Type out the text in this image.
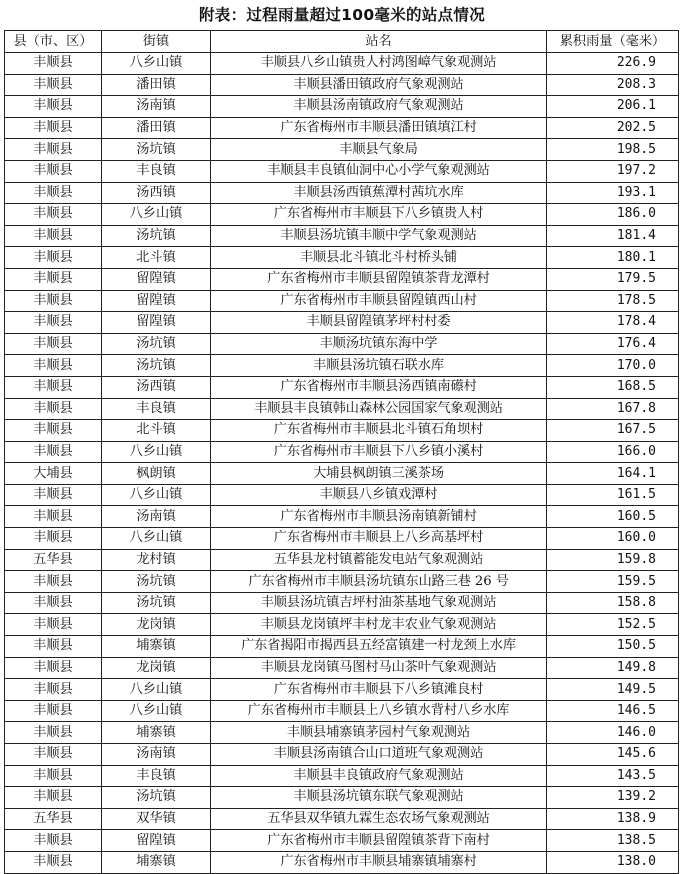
附表：过程雨量超过100毫米的站点情况
县（市、区）	街镇	站名	累积雨量（毫米）
丰顺县	八乡山镇	丰顺县八乡山镇贵人村鸿图嶂气象观测站	226.9
丰顺县	潘田镇	丰顺县潘田镇政府气象观测站	208.3
丰顺县	汤南镇	丰顺县汤南镇政府气象观测站	206.1
丰顺县	潘田镇	广东省梅州市丰顺县潘田镇填江村	202.5
丰顺县	汤坑镇	丰顺县气象局	198.5
丰顺县	丰良镇	丰顺县丰良镇仙洞中心小学气象观测站	197.2
丰顺县	汤西镇	丰顺县汤西镇蕉潭村茜坑水库	193.1
丰顺县	八乡山镇	广东省梅州市丰顺县下八乡镇贵人村	186.0
丰顺县	汤坑镇	丰顺县汤坑镇丰顺中学气象观测站	181.4
丰顺县	北斗镇	丰顺县北斗镇北斗村桥头铺	180.1
丰顺县	留隍镇	广东省梅州市丰顺县留隍镇茶背龙潭村	179.5
丰顺县	留隍镇	广东省梅州市丰顺县留隍镇西山村	178.5
丰顺县	留隍镇	丰顺县留隍镇茅坪村村委	178.4
丰顺县	汤坑镇	丰顺汤坑镇东海中学	176.4
丰顺县	汤坑镇	丰顺县汤坑镇石联水库	170.0
丰顺县	汤西镇	广东省梅州市丰顺县汤西镇南礤村	168.5
丰顺县	丰良镇	丰顺县丰良镇韩山森林公园国家气象观测站	167.8
丰顺县	北斗镇	广东省梅州市丰顺县北斗镇石角坝村	167.5
丰顺县	八乡山镇	广东省梅州市丰顺县下八乡镇小溪村	166.0
大埔县	枫朗镇	大埔县枫朗镇三溪茶场	164.1
丰顺县	八乡山镇	丰顺县八乡镇戏潭村	161.5
丰顺县	汤南镇	广东省梅州市丰顺县汤南镇新铺村	160.5
丰顺县	八乡山镇	广东省梅州市丰顺县上八乡高基坪村	160.0
五华县	龙村镇	五华县龙村镇蓄能发电站气象观测站	159.8
丰顺县	汤坑镇	广东省梅州市丰顺县汤坑镇东山路三巷 26 号	159.5
丰顺县	汤坑镇	丰顺县汤坑镇吉坪村油茶基地气象观测站	158.8
丰顺县	龙岗镇	丰顺县龙岗镇坪丰村龙丰农业气象观测站	152.5
丰顺县	埔寨镇	广东省揭阳市揭西县五经富镇建一村龙颈上水库	150.5
丰顺县	龙岗镇	丰顺县龙岗镇马图村马山茶叶气象观测站	149.8
丰顺县	八乡山镇	广东省梅州市丰顺县下八乡镇滩良村	149.5
丰顺县	八乡山镇	广东省梅州市丰顺县上八乡镇水背村八乡水库	146.5
丰顺县	埔寨镇	丰顺县埔寨镇茅园村气象观测站	146.0
丰顺县	汤南镇	丰顺县汤南镇合山口道班气象观测站	145.6
丰顺县	丰良镇	丰顺县丰良镇政府气象观测站	143.5
丰顺县	汤坑镇	丰顺县汤坑镇东联气象观测站	139.2
五华县	双华镇	五华县双华镇九霖生态农场气象观测站	138.9
丰顺县	留隍镇	广东省梅州市丰顺县留隍镇茶背下南村	138.5
丰顺县	埔寨镇	广东省梅州市丰顺县埔寨镇埔寨村	138.0
